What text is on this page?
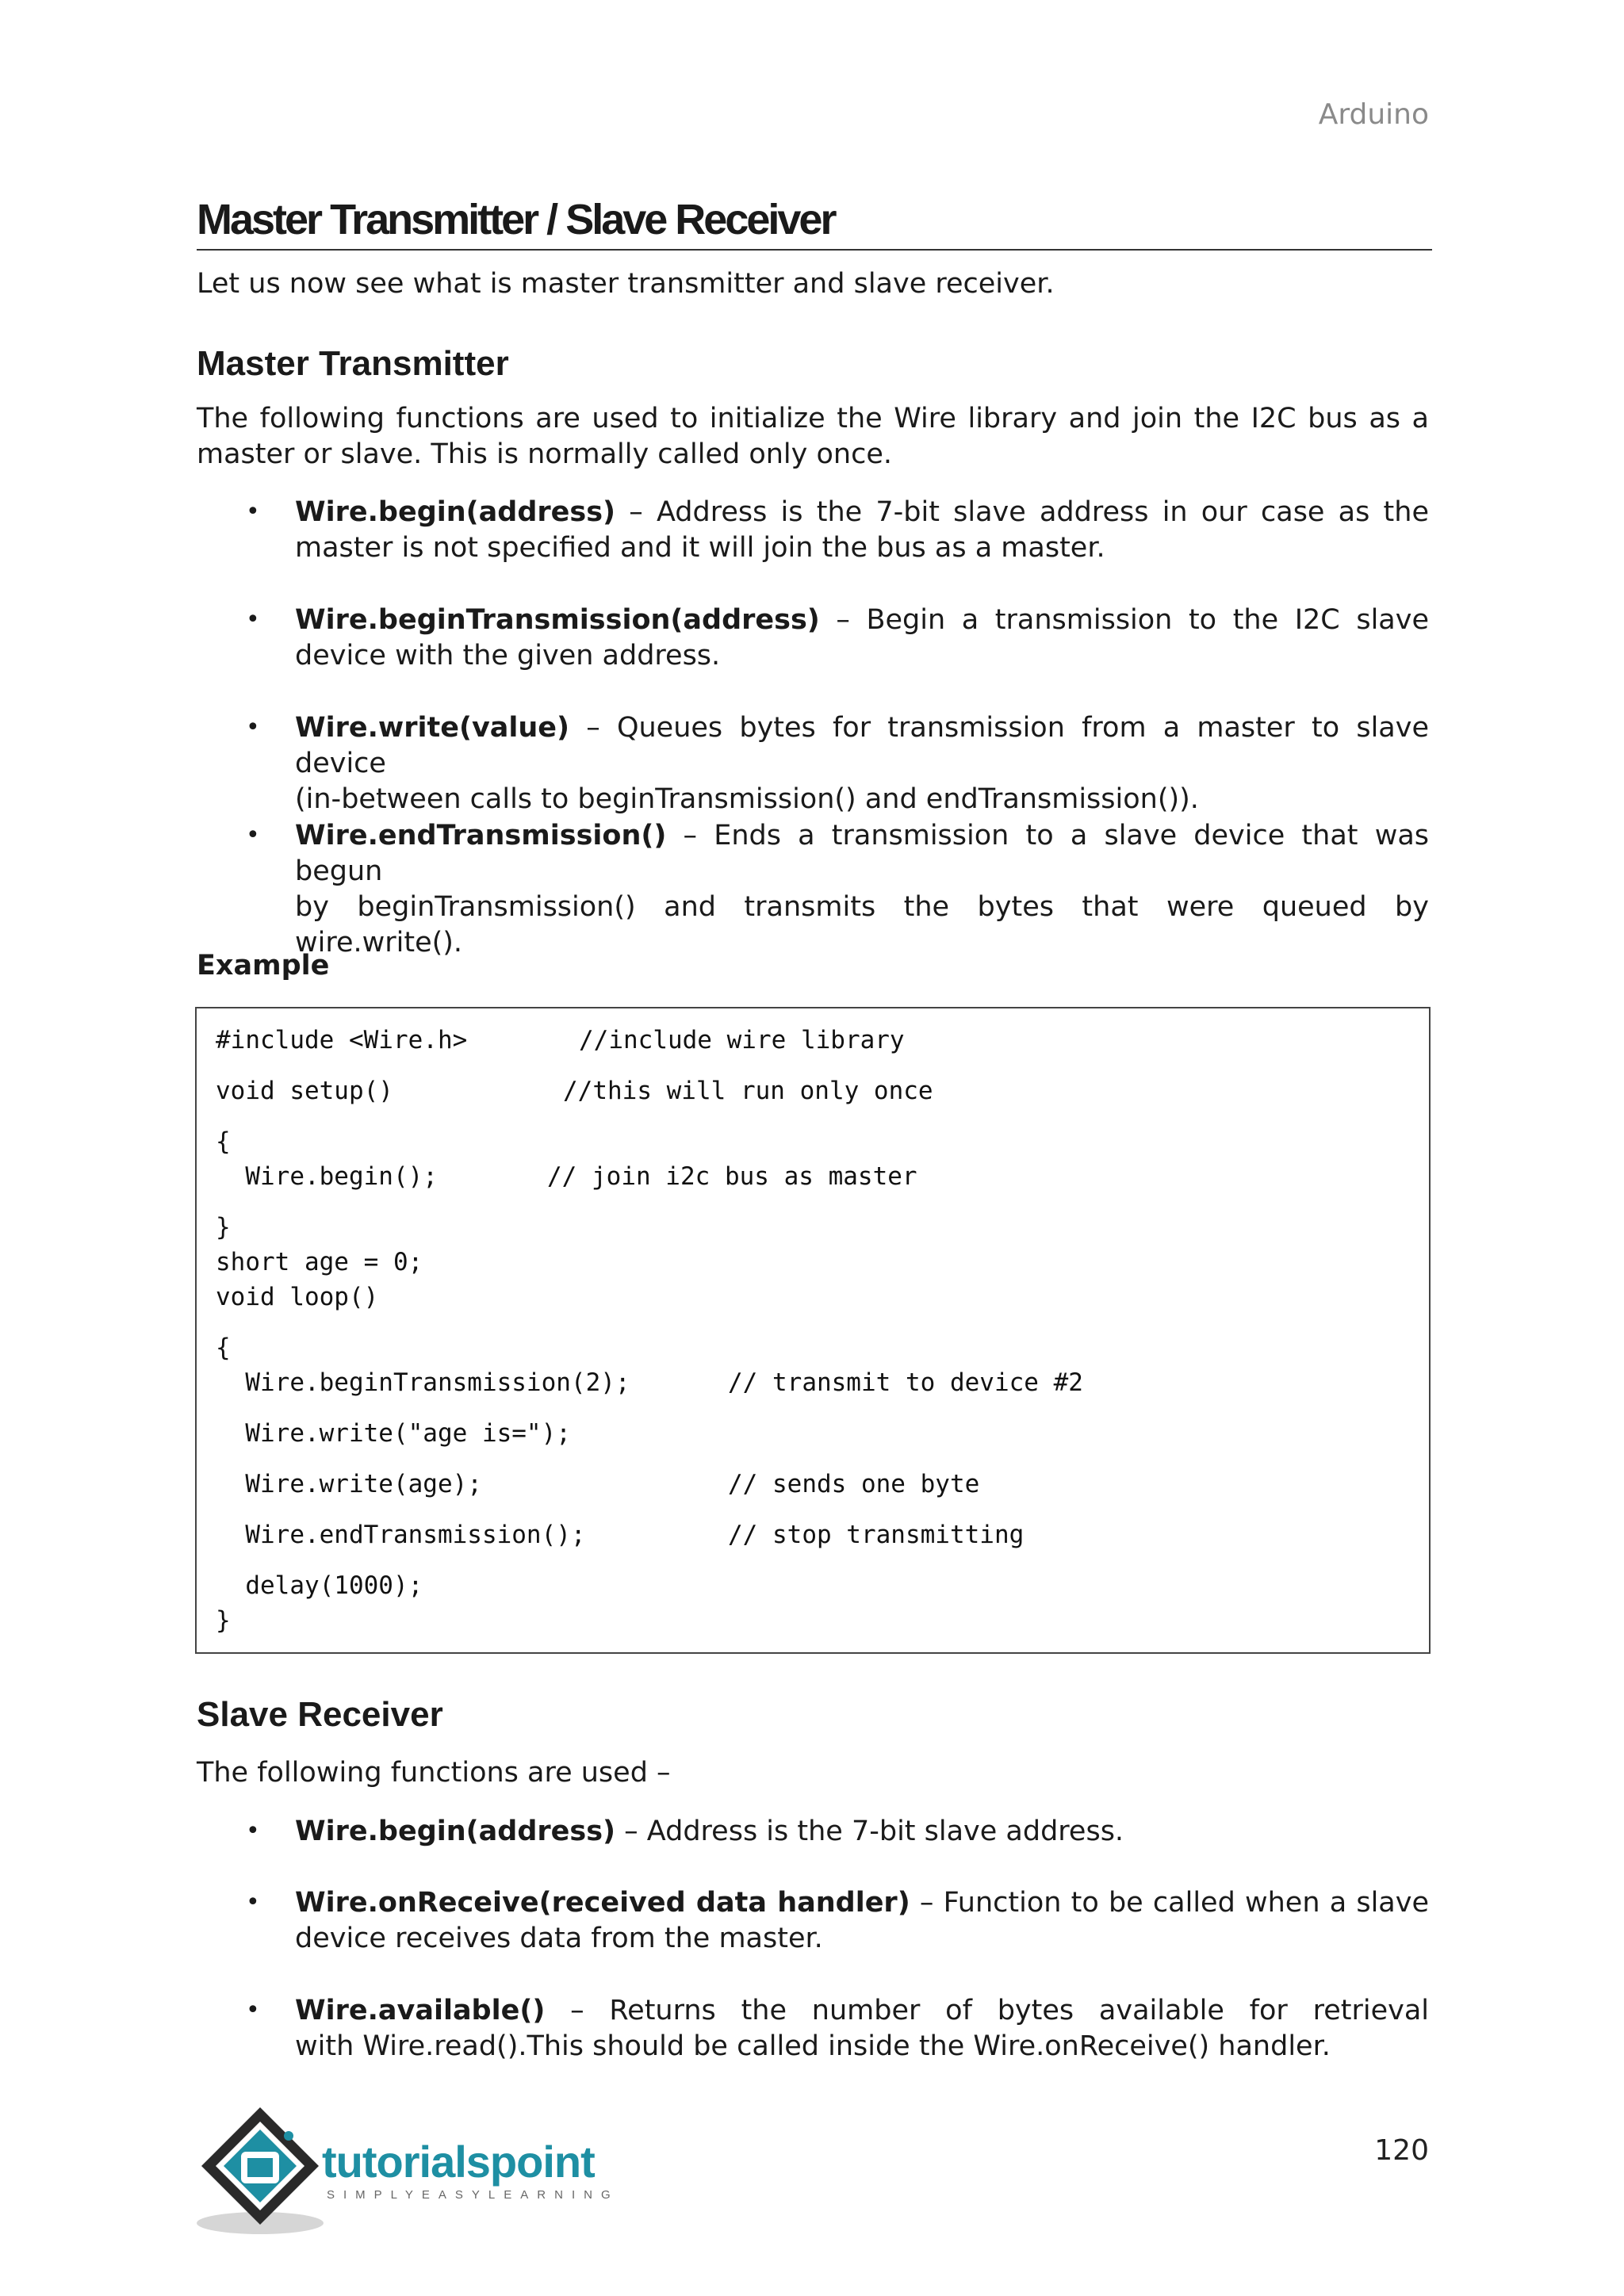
Arduino
Master Transmitter / Slave Receiver
Let us now see what is master transmitter and slave receiver.
Master Transmitter
The following functions are used to initialize the Wire library and join the I2C bus as a
master or slave. This is normally called only once.
• Wire.begin(address) – Address is the 7-bit slave address in our case as the
master is not specified and it will join the bus as a master.
• Wire.beginTransmission(address) – Begin a transmission to the I2C slave
device with the given address.
• Wire.write(value) – Queues bytes for transmission from a master to slave device
(in-between calls to beginTransmission() and endTransmission()).
• Wire.endTransmission() – Ends a transmission to a slave device that was begun
by beginTransmission() and transmits the bytes that were queued by wire.write().
Example
#include <Wire.h>	//include wire library
void setup()	//this will run only once
{
Wire.begin();	// join i2c bus as master
}
short age = 0;
void loop()
{
Wire.beginTransmission(2);	// transmit to device #2
Wire.write("age is=");
Wire.write(age);	// sends one byte
Wire.endTransmission();	// stop transmitting
delay(1000);
}
Slave Receiver
The following functions are used –
• Wire.begin(address) – Address is the 7-bit slave address.
• Wire.onReceive(received data handler) – Function to be called when a slave
device receives data from the master.
• Wire.available() – Returns the number of bytes available for retrieval
with Wire.read().This should be called inside the Wire.onReceive() handler.
tutorialspoint
SIMPLYEASYLEARNING
120
